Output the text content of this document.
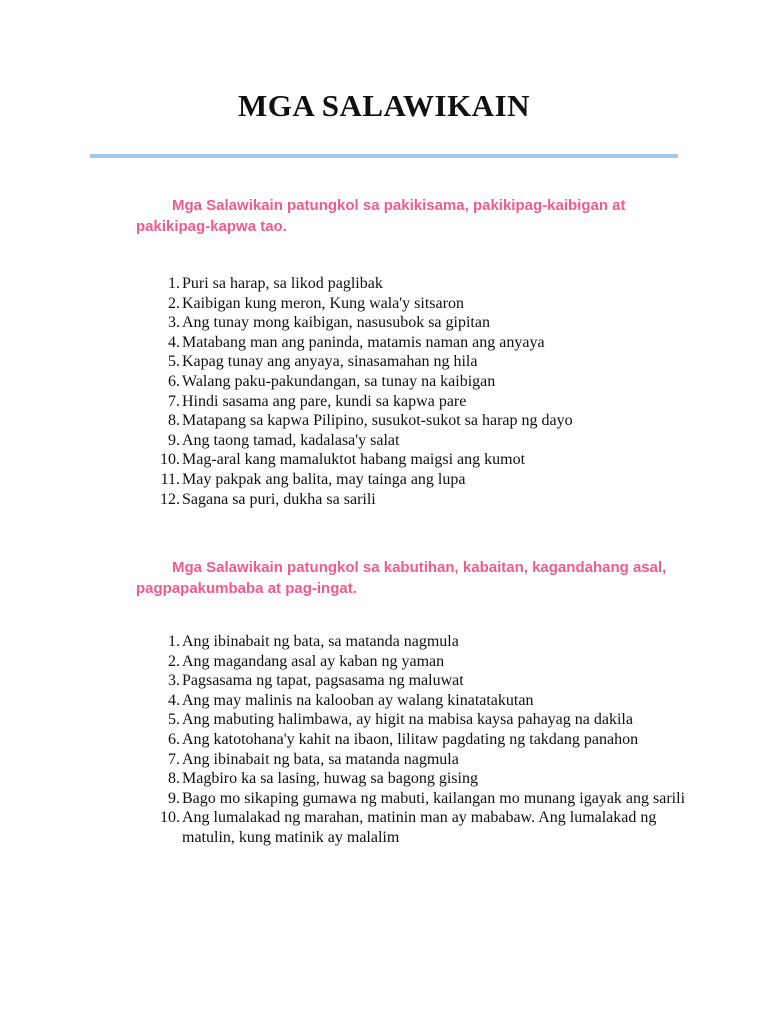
MGA SALAWIKAIN

Mga Salawikain patungkol sa pakikisama, pakikipag-kaibigan at pakikipag-kapwa tao.

1. Puri sa harap, sa likod paglibak
2. Kaibigan kung meron, Kung wala'y sitsaron
3. Ang tunay mong kaibigan, nasusubok sa gipitan
4. Matabang man ang paninda, matamis naman ang anyaya
5. Kapag tunay ang anyaya, sinasamahan ng hila
6. Walang paku-pakundangan, sa tunay na kaibigan
7. Hindi sasama ang pare, kundi sa kapwa pare
8. Matapang sa kapwa Pilipino, susukot-sukot sa harap ng dayo
9. Ang taong tamad, kadalasa'y salat
10. Mag-aral kang mamaluktot habang maigsi ang kumot
11. May pakpak ang balita, may tainga ang lupa
12. Sagana sa puri, dukha sa sarili

Mga Salawikain patungkol sa kabutihan, kabaitan, kagandahang asal, pagpapakumbaba at pag-ingat.

1. Ang ibinabait ng bata, sa matanda nagmula
2. Ang magandang asal ay kaban ng yaman
3. Pagsasama ng tapat, pagsasama ng maluwat
4. Ang may malinis na kalooban ay walang kinatatakutan
5. Ang mabuting halimbawa, ay higit na mabisa kaysa pahayag na dakila
6. Ang katotohana'y kahit na ibaon, lilitaw pagdating ng takdang panahon
7. Ang ibinabait ng bata, sa matanda nagmula
8. Magbiro ka sa lasing, huwag sa bagong gising
9. Bago mo sikaping gumawa ng mabuti, kailangan mo munang igayak ang sarili
10. Ang lumalakad ng marahan, matinin man ay mababaw. Ang lumalakad ng matulin, kung matinik ay malalim
